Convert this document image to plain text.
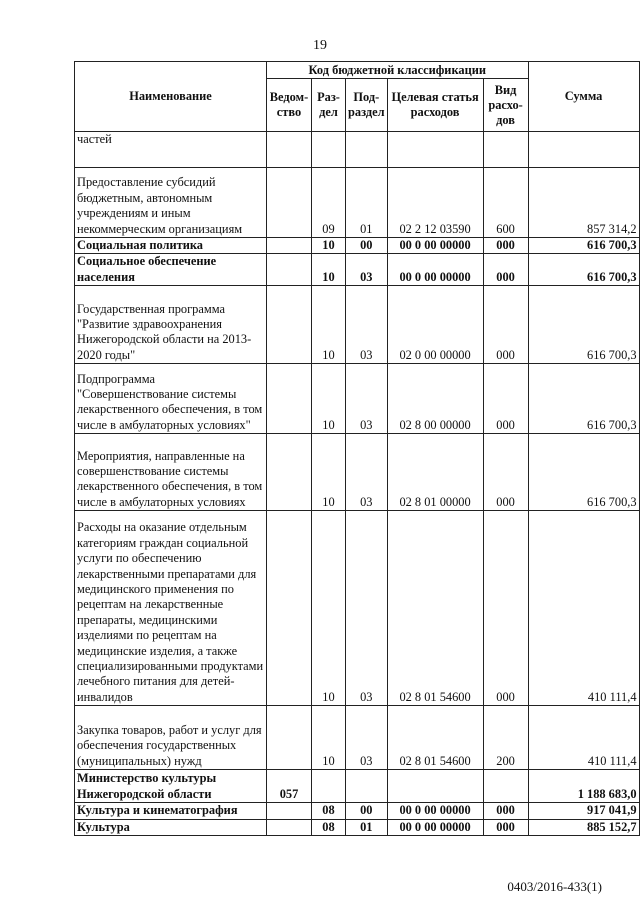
19
Наименование	Код бюджетной классификации					Сумма
	Ведом-ство	Раз-дел	Под-раздел	Целевая статья расходов	Вид расхо-дов	
частей						
Предоставление субсидий бюджетным, автономным учреждениям и иным некоммерческим организациям		09	01	02 2 12 03590	600	857 314,2
Социальная политика		10	00	00 0 00 00000	000	616 700,3
Социальное обеспечение населения		10	03	00 0 00 00000	000	616 700,3
Государственная программа "Развитие здравоохранения Нижегородской области на 2013-2020 годы"		10	03	02 0 00 00000	000	616 700,3
Подпрограмма "Совершенствование системы лекарственного обеспечения, в том числе в амбулаторных условиях"		10	03	02 8 00 00000	000	616 700,3
Мероприятия, направленные на совершенствование системы лекарственного обеспечения, в том числе в амбулаторных условиях		10	03	02 8 01 00000	000	616 700,3
Расходы на оказание отдельным категориям граждан социальной услуги по обеспечению лекарственными препаратами для медицинского применения по рецептам на лекарственные препараты, медицинскими изделиями по рецептам на медицинские изделия, а также специализированными продуктами лечебного питания для детей-инвалидов		10	03	02 8 01 54600	000	410 111,4
Закупка товаров, работ и услуг для обеспечения государственных (муниципальных) нужд		10	03	02 8 01 54600	200	410 111,4
Министерство культуры Нижегородской области	057					1 188 683,0
Культура и кинематография		08	00	00 0 00 00000	000	917 041,9
Культура		08	01	00 0 00 00000	000	885 152,7
0403/2016-433(1)
